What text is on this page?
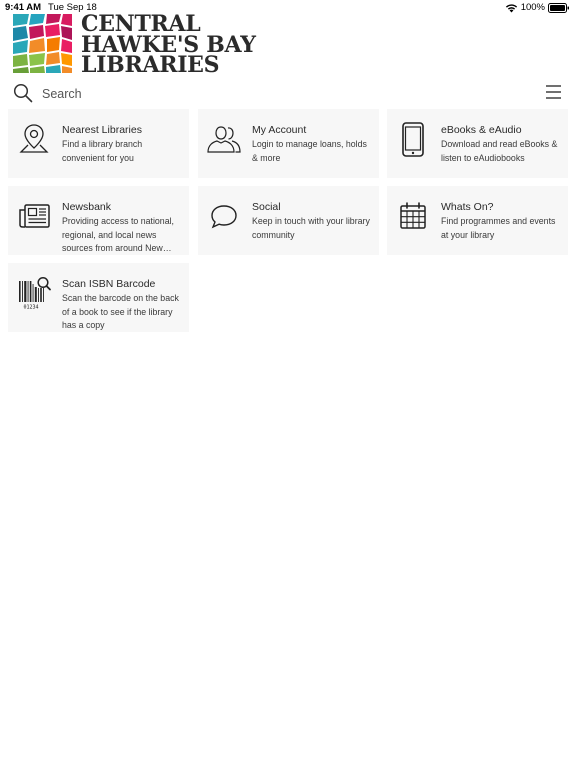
9:41 AM Tue Sep 18	100%
CENTRAL
HAWKE'S BAY
LIBRARIES
Search
Nearest Libraries
Find a library branch convenient for you
My Account
Login to manage loans, holds & more
eBooks & eAudio
Download and read eBooks & listen to eAudiobooks
Newsbank
Providing access to national, regional, and local news sources from around New…
Social
Keep in touch with your library community
Whats On?
Find programmes and events at your library
01234
Scan ISBN Barcode
Scan the barcode on the back of a book to see if the library has a copy
